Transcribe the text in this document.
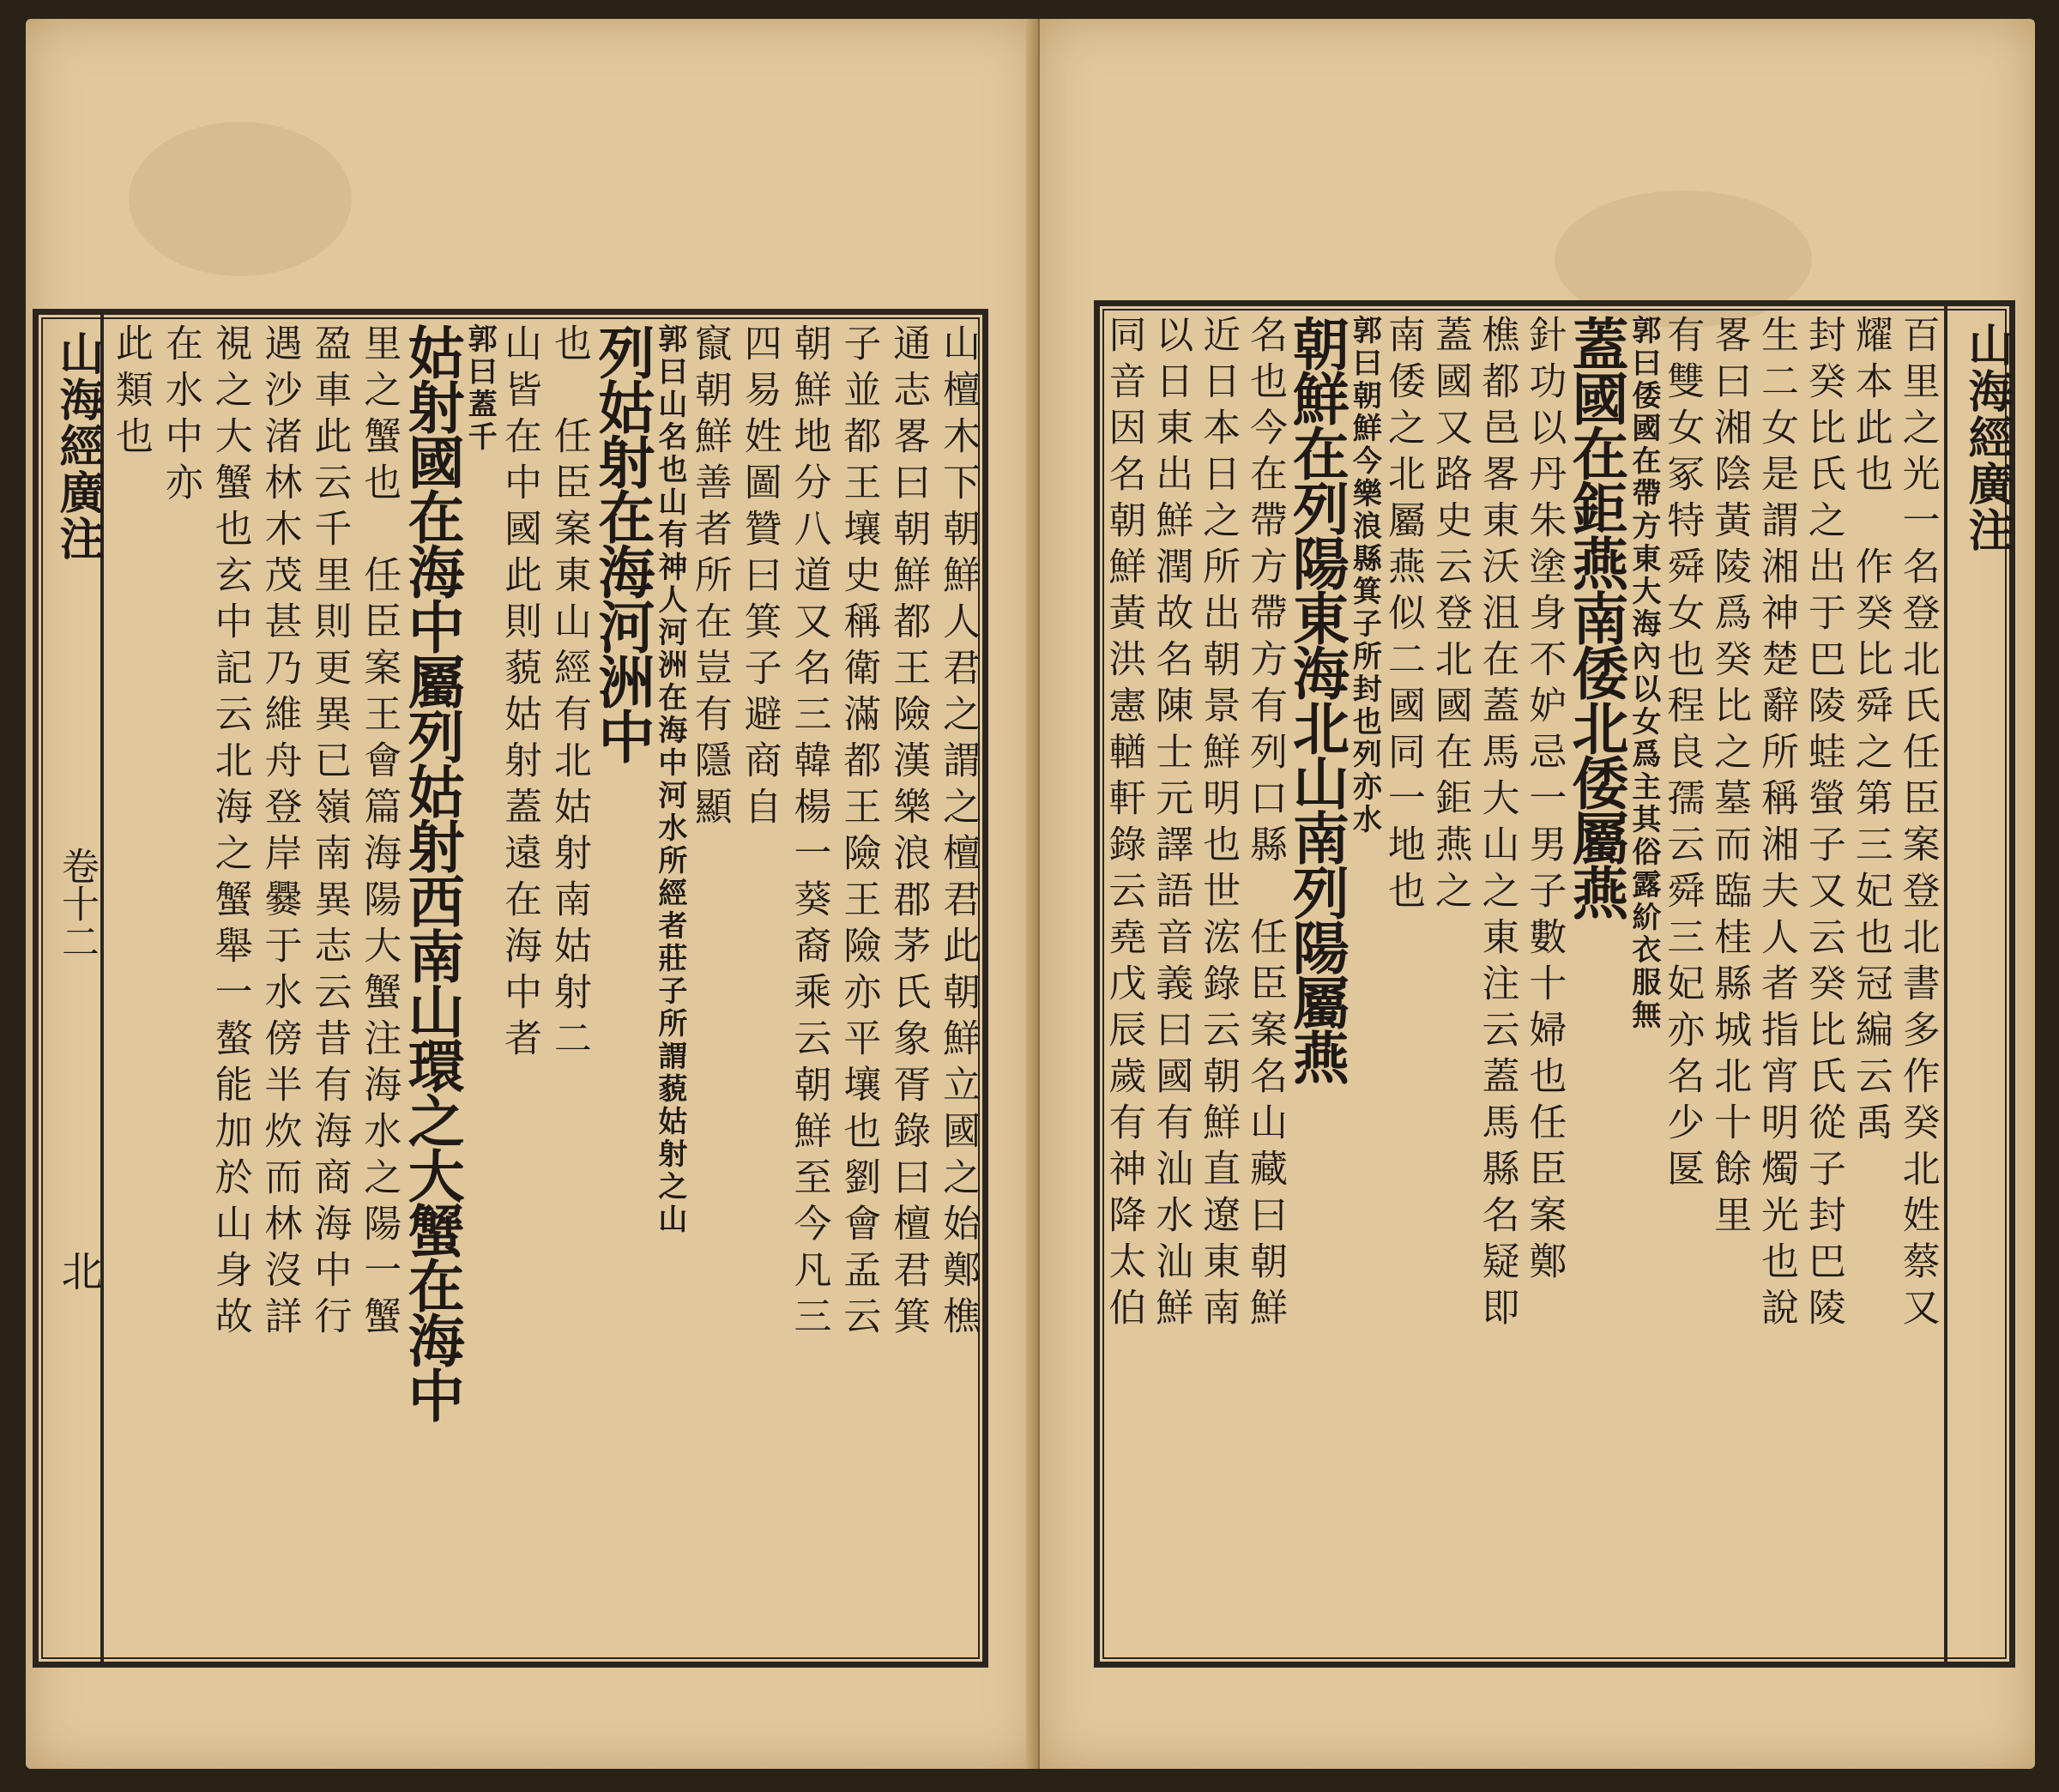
山海經廣注
卷十二
北	山檀木下朝鮮人君之謂之檀君此朝鮮立國之始鄭樵
通志畧曰朝鮮都王險漢樂浪郡茅氏象胥錄曰檀君箕
子並都王壤史稱衛滿都王險王險亦平壤也劉會孟云
朝鮮地分八道又名三韓楊一葵裔乘云朝鮮至今凡三
四易姓圖贊曰箕子避商自
竄朝鮮善者所在豈有隱顯
列姑射在海河洲中
郭曰山名也山有神人河洲在海中河水所經者莊子所謂藐姑射之山
也　任臣案東山經有北姑射南姑射二
山皆在中國此則藐姑射蓋遠在海中者
姑射國在海中屬列姑射西南山環之大蟹在海中
郭曰蓋千
里之蟹也　任臣案王會篇海陽大蟹注海水之陽一蟹
盈車此云千里則更異已嶺南異志云昔有海商海中行
遇沙渚林木茂甚乃維舟登岸爨于水傍半炊而林沒詳
視之大蟹也玄中記云北海之蟹舉一螯能加於山身故
在水中亦
此類也	山海經廣注
百里之光一名登北氏任臣案登北書多作癸北姓蔡又
耀本此也　作癸比舜之第三妃也冠編云禹
封癸比氏之出于巴陵蛙螢子又云癸比氏從子封巴陵
生二女是謂湘神楚辭所稱湘夫人者指宵明燭光也說
畧曰湘陰黃陵爲癸比之墓而臨桂縣城北十餘里
有雙女冢特舜女也程良孺云舜三妃亦名少匽
蓋國在鉅燕南倭北倭屬燕
郭曰倭國在帶方東大海內以女爲主其俗露紒衣服無
針功以丹朱塗身不妒忌一男子數十婦也任臣案鄭
樵都邑畧東沃沮在蓋馬大山之東注云蓋馬縣名疑即
蓋國又路史云登北國在鉅燕之
南倭之北屬燕似二國同一地也
朝鮮在列陽東海北山南列陽屬燕
郭曰朝鮮今樂浪縣箕子所封也列亦水
名也今在帶方帶方有列口縣　任臣案名山藏曰朝鮮
近日本日之所出朝景鮮明也世浤錄云朝鮮直遼東南
以日東出鮮潤故名陳士元譯語音義曰國有汕水汕鮮
同音因名朝鮮黃洪憲輶軒錄云堯戊辰歲有神降太伯
